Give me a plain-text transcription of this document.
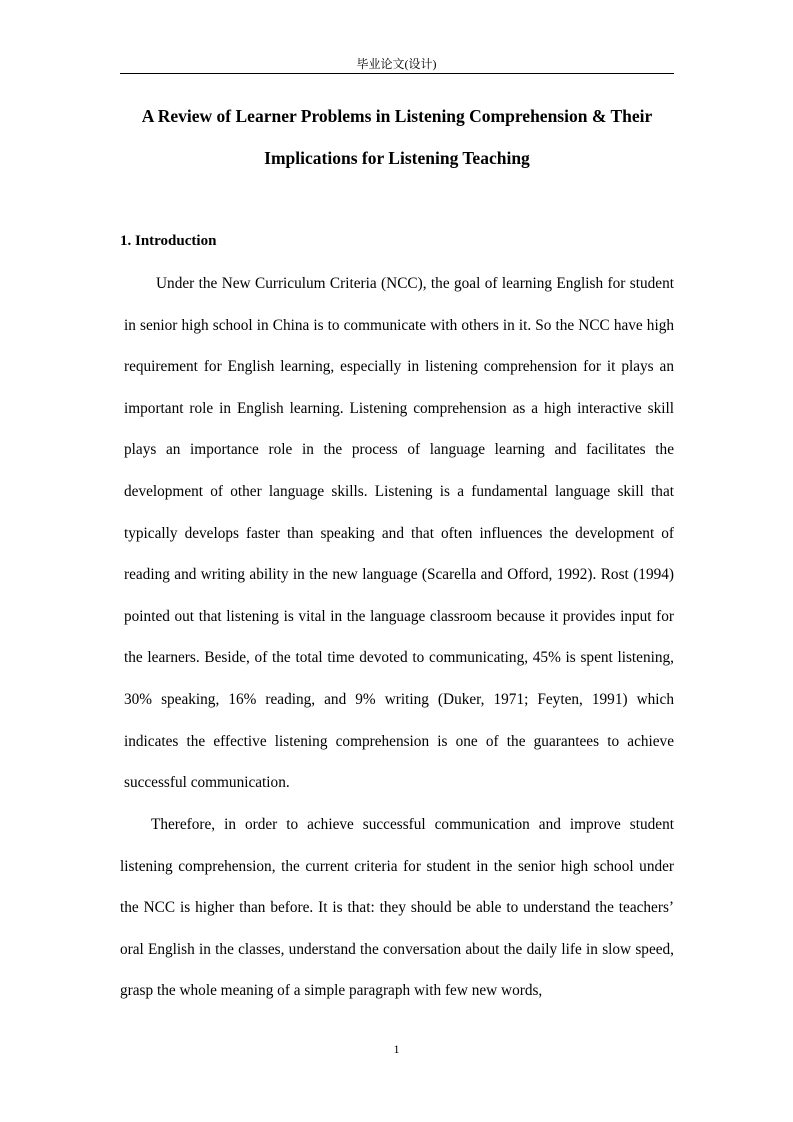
毕业论文(设计)
A Review of Learner Problems in Listening Comprehension & Their
Implications for Listening Teaching
1. Introduction

Under the New Curriculum Criteria (NCC), the goal of learning English for student in senior high school in China is to communicate with others in it. So the NCC have high requirement for English learning, especially in listening comprehension for it plays an important role in English learning. Listening comprehension as a high interactive skill plays an importance role in the process of language learning and facilitates the development of other language skills. Listening is a fundamental language skill that typically develops faster than speaking and that often influences the development of reading and writing ability in the new language (Scarella and Offord, 1992). Rost (1994) pointed out that listening is vital in the language classroom because it provides input for the learners. Beside, of the total time devoted to communicating, 45% is spent listening, 30% speaking, 16% reading, and 9% writing (Duker, 1971; Feyten, 1991) which indicates the effective listening comprehension is one of the guarantees to achieve successful communication.

Therefore, in order to achieve successful communication and improve student listening comprehension, the current criteria for student in the senior high school under the NCC is higher than before. It is that: they should be able to understand the teachers’ oral English in the classes, understand the conversation about the daily life in slow speed, grasp the whole meaning of a simple paragraph with few new words,

1
